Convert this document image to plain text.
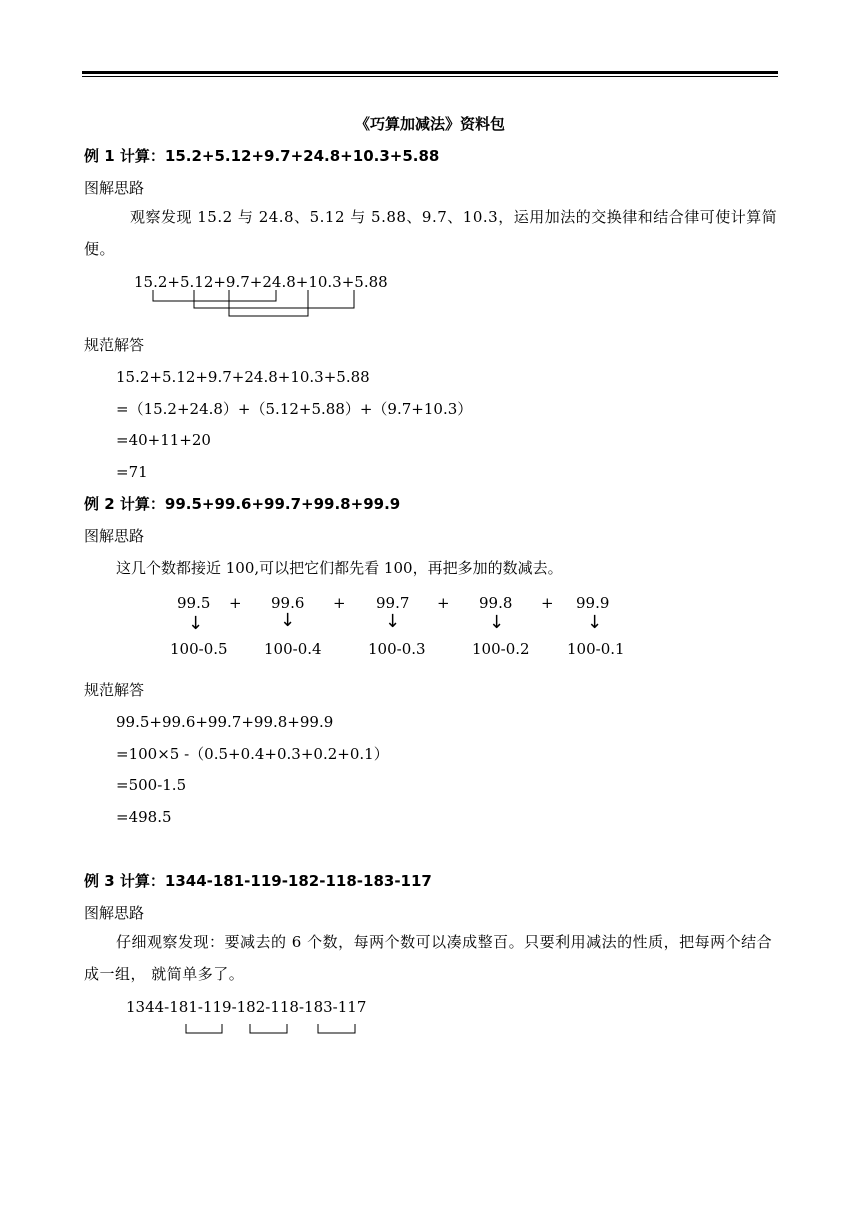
《巧算加减法》资料包
例 1 计算：15.2+5.12+9.7+24.8+10.3+5.88
图解思路
观察发现 15.2 与 24.8、5.12 与 5.88、9.7、10.3，运用加法的交换律和结合律可使计算简便。
15.2+5.12+9.7+24.8+10.3+5.88
规范解答
15.2+5.12+9.7+24.8+10.3+5.88
=（15.2+24.8）+（5.12+5.88）+（9.7+10.3）
=40+11+20
=71
例 2 计算：99.5+99.6+99.7+99.8+99.9
图解思路
这几个数都接近 100,可以把它们都先看 100，再把多加的数减去。
99.5 + 99.6 + 99.7 + 99.8 + 99.9
↓	↓	↓	↓	↓
100-0.5 100-0.4	100-0.3	100-0.2 100-0.1
规范解答
99.5+99.6+99.7+99.8+99.9
=100×5 -（0.5+0.4+0.3+0.2+0.1）
=500-1.5
=498.5
例 3 计算：1344-181-119-182-118-183-117
图解思路
仔细观察发现：要减去的 6 个数，每两个数可以凑成整百。只要利用减法的性质，把每两个结合成一组， 就简单多了。
1344-181-119-182-118-183-117
